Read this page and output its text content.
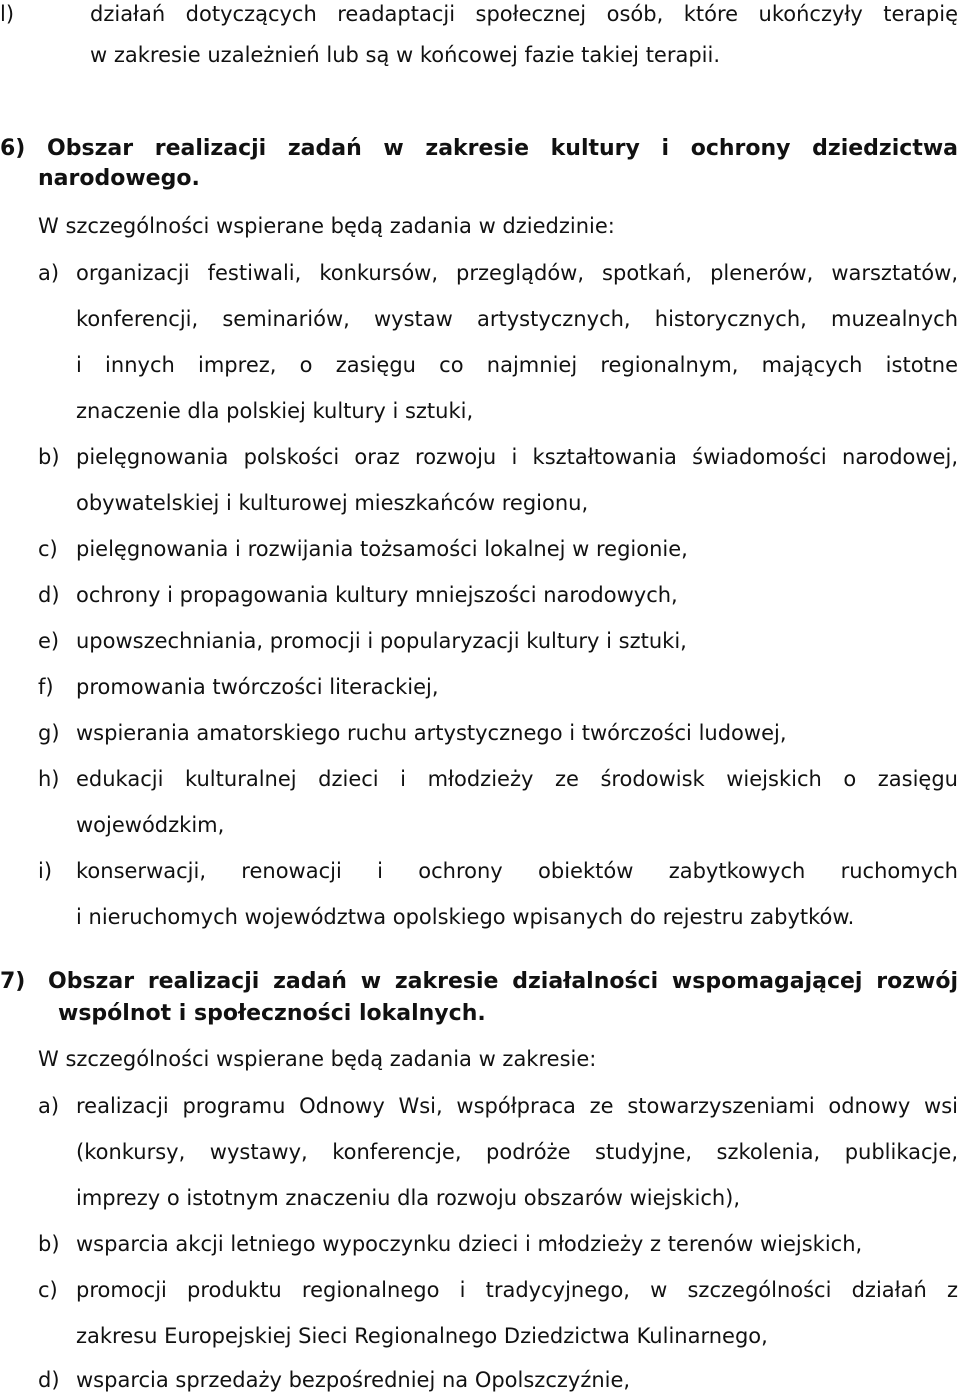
l)	działań dotyczących readaptacji społecznej osób, które ukończyły terapię
w zakresie uzależnień lub są w końcowej fazie takiej terapii.
6) Obszar realizacji zadań w zakresie kultury i ochrony dziedzictwa
narodowego.
W szczególności wspierane będą zadania w dziedzinie:
a) organizacji festiwali, konkursów, przeglądów, spotkań, plenerów, warsztatów,
konferencji, seminariów, wystaw artystycznych, historycznych, muzealnych
i innych imprez, o zasięgu co najmniej regionalnym, mających istotne
znaczenie dla polskiej kultury i sztuki,
b) pielęgnowania polskości oraz rozwoju i kształtowania świadomości narodowej,
obywatelskiej i kulturowej mieszkańców regionu,
c) pielęgnowania i rozwijania tożsamości lokalnej w regionie,
d) ochrony i propagowania kultury mniejszości narodowych,
e) upowszechniania, promocji i popularyzacji kultury i sztuki,
f) promowania twórczości literackiej,
g) wspierania amatorskiego ruchu artystycznego i twórczości ludowej,
h) edukacji kulturalnej dzieci i młodzieży ze środowisk wiejskich o zasięgu
wojewódzkim,
i) konserwacji, renowacji i ochrony obiektów zabytkowych ruchomych
i nieruchomych województwa opolskiego wpisanych do rejestru zabytków.
7) Obszar realizacji zadań w zakresie działalności wspomagającej rozwój
wspólnot i społeczności lokalnych.
W szczególności wspierane będą zadania w zakresie:
a) realizacji programu Odnowy Wsi, współpraca ze stowarzyszeniami odnowy wsi
(konkursy, wystawy, konferencje, podróże studyjne, szkolenia, publikacje,
imprezy o istotnym znaczeniu dla rozwoju obszarów wiejskich),
b) wsparcia akcji letniego wypoczynku dzieci i młodzieży z terenów wiejskich,
c) promocji produktu regionalnego i tradycyjnego, w szczególności działań z
zakresu Europejskiej Sieci Regionalnego Dziedzictwa Kulinarnego,
d) wsparcia sprzedaży bezpośredniej na Opolszczyźnie,
